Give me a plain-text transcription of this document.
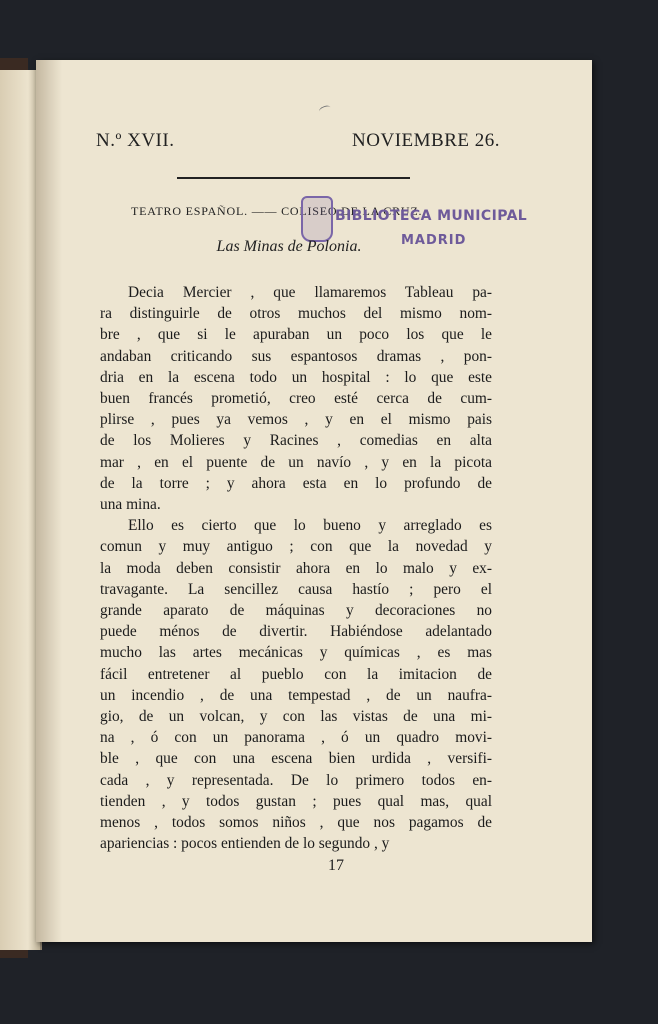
N.º XVII.	NOVIEMBRE 26.
TEATRO ESPAÑOL. —— COLISEO DE LA CRUZ.
BIBLIOTECA MUNICIPAL
MADRID
Las Minas de Polonia.
Decia Mercier , que llamaremos Tableau pa-
ra distinguirle de otros muchos del mismo nom-
bre , que si le apuraban un poco los que le
andaban criticando sus espantosos dramas , pon-
dria en la escena todo un hospital : lo que este
buen francés prometió, creo esté cerca de cum-
plirse , pues ya vemos , y en el mismo pais
de los Molieres y Racines , comedias en alta
mar , en el puente de un navío , y en la picota
de la torre ; y ahora esta en lo profundo de
una mina.
Ello es cierto que lo bueno y arreglado es
comun y muy antiguo ; con que la novedad y
la moda deben consistir ahora en lo malo y ex-
travagante. La sencillez causa hastío ; pero el
grande aparato de máquinas y decoraciones no
puede ménos de divertir. Habiéndose adelantado
mucho las artes mecánicas y químicas , es mas
fácil entretener al pueblo con la imitacion de
un incendio , de una tempestad , de un naufra-
gio, de un volcan, y con las vistas de una mi-
na , ó con un panorama , ó un quadro movi-
ble , que con una escena bien urdida , versifi-
cada , y representada. De lo primero todos en-
tienden , y todos gustan ; pues qual mas, qual
menos , todos somos niños , que nos pagamos de
apariencias : pocos entienden de lo segundo , y
17
